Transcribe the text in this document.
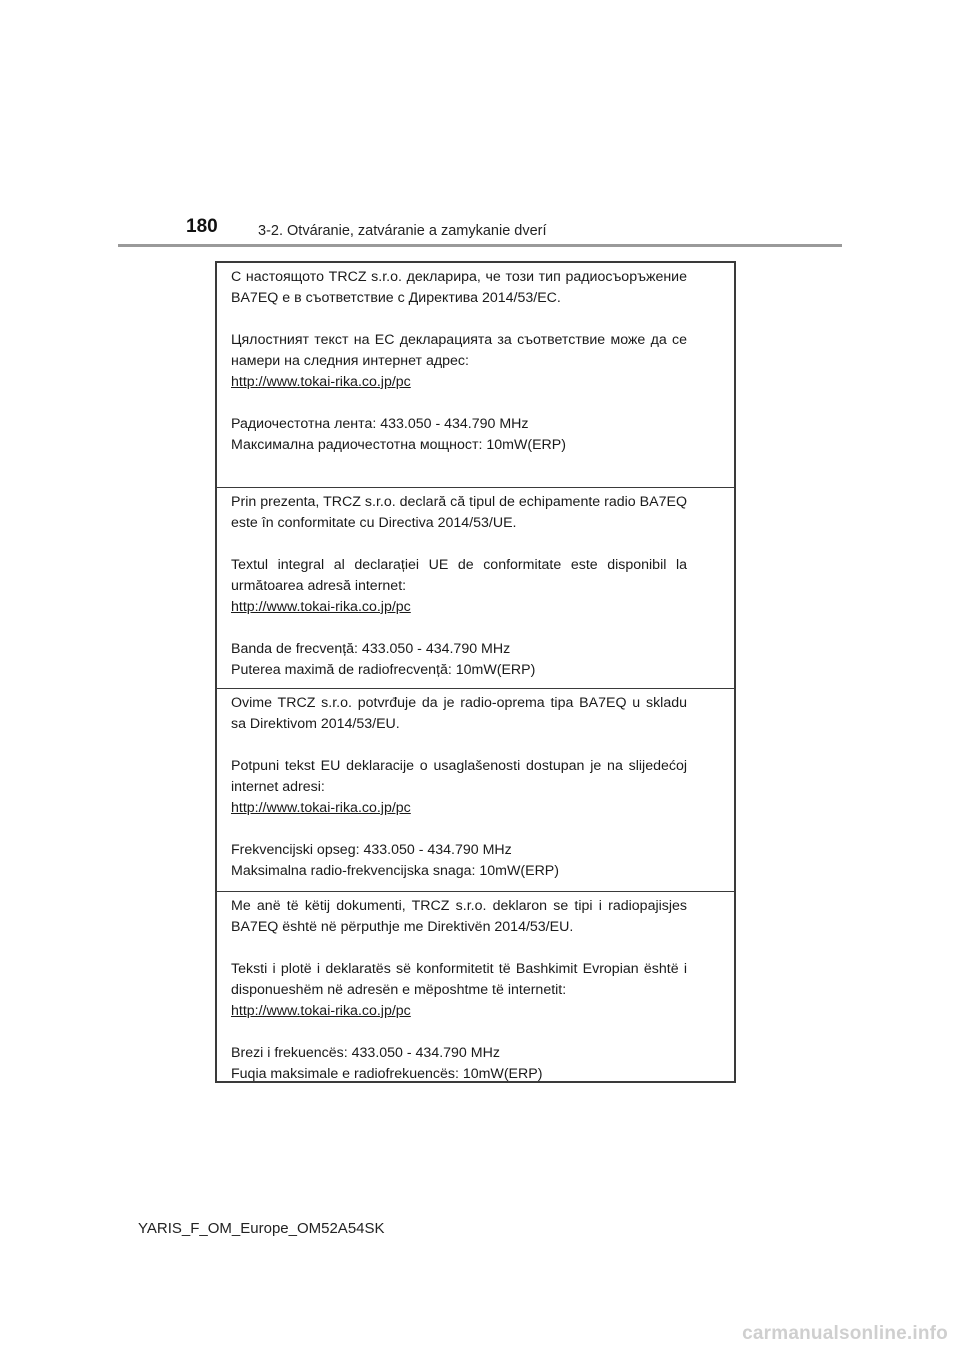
180	3-2. Otváranie, zatváranie a zamykanie dverí

С настоящото TRCZ s.r.o. декларира, че този тип радиосъоръжение BA7EQ е в съответствие с Директива 2014/53/ЕС.

Цялостният текст на ЕС декларацията за съответствие може да се намери на следния интернет адрес:

http://www.tokai-rika.co.jp/pc

Радиочестотна лента: 433.050 - 434.790 MHz

Максимална радиочестотна мощност: 10mW(ERP)

Prin prezenta, TRCZ s.r.o. declară că tipul de echipamente radio BA7EQ este în conformitate cu Directiva 2014/53/UE.

Textul integral al declarației UE de conformitate este disponibil la următoarea adresă internet:

http://www.tokai-rika.co.jp/pc

Banda de frecvență: 433.050 - 434.790 MHz

Puterea maximă de radiofrecvență: 10mW(ERP)

Ovime TRCZ s.r.o. potvrđuje da je radio-oprema tipa BA7EQ u skladu sa Direktivom 2014/53/EU.

Potpuni tekst EU deklaracije o usaglašenosti dostupan je na slijedećoj internet adresi:

http://www.tokai-rika.co.jp/pc

Frekvencijski opseg: 433.050 - 434.790 MHz

Maksimalna radio-frekvencijska snaga: 10mW(ERP)

Me anë të këtij dokumenti, TRCZ s.r.o. deklaron se tipi i radiopajisjes BA7EQ është në përputhje me Direktivën 2014/53/EU.

Teksti i plotë i deklaratës së konformitetit të Bashkimit Evropian është i disponueshëm në adresën e mëposhtme të internetit:

http://www.tokai-rika.co.jp/pc

Brezi i frekuencës: 433.050 - 434.790 MHz

Fuqia maksimale e radiofrekuencës: 10mW(ERP)

YARIS_F_OM_Europe_OM52A54SK
carmanualsonline.info
